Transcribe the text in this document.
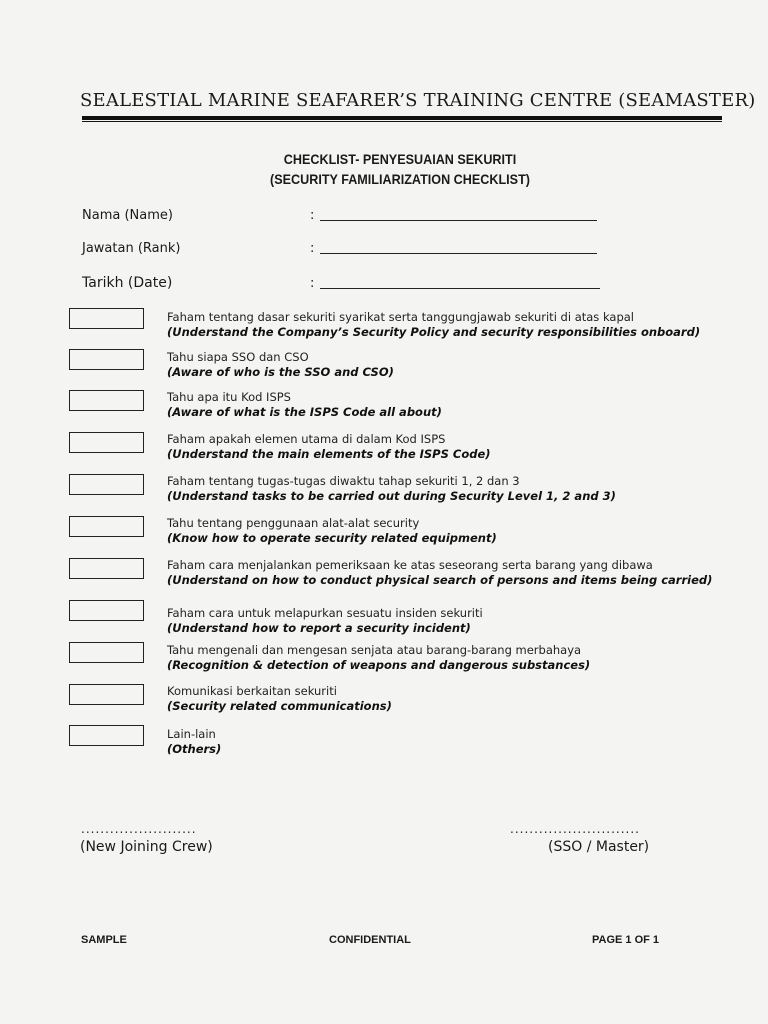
SEALESTIAL MARINE SEAFARER’S TRAINING CENTRE (SEAMASTER)
CHECKLIST- PENYESUAIAN SEKURITI
(SECURITY FAMILIARIZATION CHECKLIST)
Nama (Name)	:
Jawatan (Rank)	:
Tarikh (Date)	:
Faham tentang dasar sekuriti syarikat serta tanggungjawab sekuriti di atas kapal
(Understand the Company’s Security Policy and security responsibilities onboard)
Tahu siapa SSO dan CSO
(Aware of who is the SSO and CSO)
Tahu apa itu Kod ISPS
(Aware of what is the ISPS Code all about)
Faham apakah elemen utama di dalam Kod ISPS
(Understand the main elements of the ISPS Code)
Faham tentang tugas-tugas diwaktu tahap sekuriti 1, 2 dan 3
(Understand tasks to be carried out during Security Level 1, 2 and 3)
Tahu tentang penggunaan alat-alat security
(Know how to operate security related equipment)
Faham cara menjalankan pemeriksaan ke atas seseorang serta barang yang dibawa
(Understand on how to conduct physical search of persons and items being carried)
Faham cara untuk melapurkan sesuatu insiden sekuriti
(Understand how to report a security incident)
Tahu mengenali dan mengesan senjata atau barang-barang merbahaya
(Recognition & detection of weapons and dangerous substances)
Komunikasi berkaitan sekuriti
(Security related communications)
Lain-lain
(Others)
........................
(New Joining Crew)
...........................
(SSO / Master)
SAMPLE	CONFIDENTIAL	PAGE 1 OF 1
